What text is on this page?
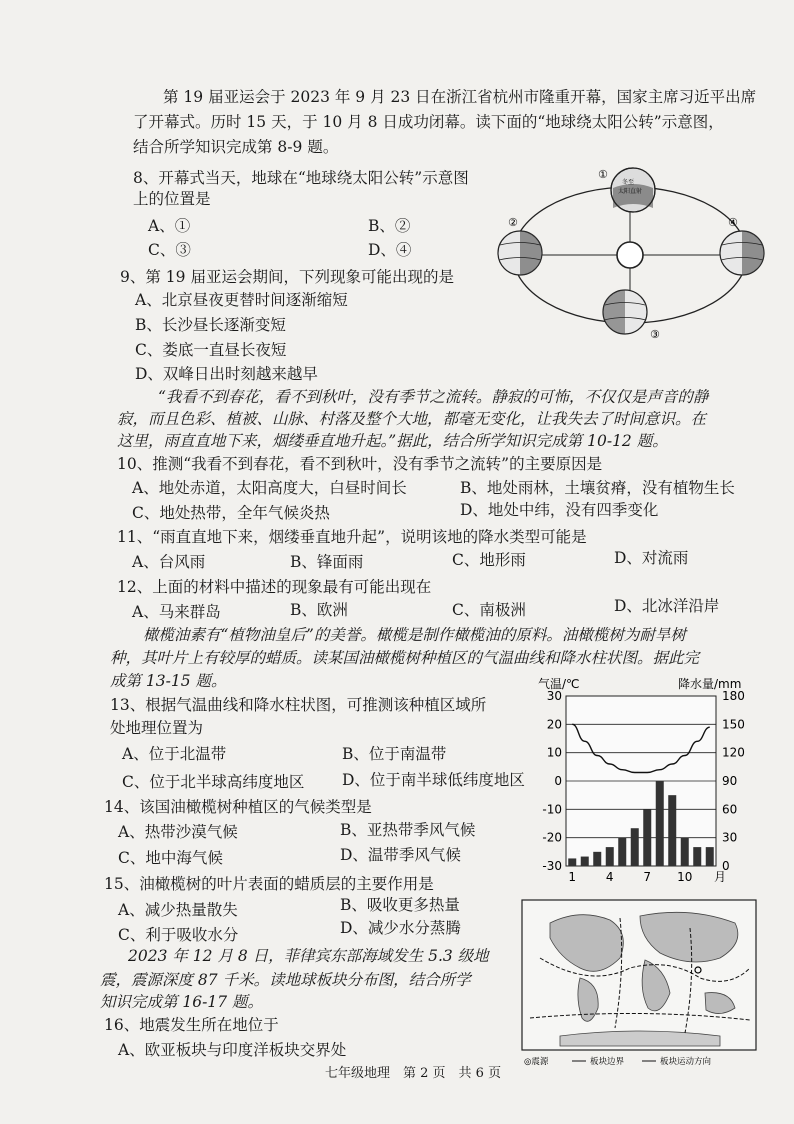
第 19 届亚运会于 2023 年 9 月 23 日在浙江省杭州市隆重开幕，国家主席习近平出席
了开幕式。历时 15 天，于 10 月 8 日成功闭幕。读下面的“地球绕太阳公转”示意图，
结合所学知识完成第 8-9 题。
8、开幕式当天，地球在“地球绕太阳公转”示意图
上的位置是
A、①	B、②
C、③	D、④
9、第 19 届亚运会期间，下列现象可能出现的是
A、北京昼夜更替时间逐渐缩短
B、长沙昼长逐渐变短
C、娄底一直昼长夜短
D、双峰日出时刻越来越早
冬至
太阳直射
①
②
③
④
“我看不到春花，看不到秋叶，没有季节之流转。静寂的可怖，不仅仅是声音的静
寂，而且色彩、植被、山脉、村落及整个大地，都毫无变化，让我失去了时间意识。在
这里，雨直直地下来，烟缕垂直地升起。”据此，结合所学知识完成第 10-12 题。
10、推测“我看不到春花，看不到秋叶，没有季节之流转”的主要原因是
A、地处赤道，太阳高度大，白昼时间长	B、地处雨林，土壤贫瘠，没有植物生长
C、地处热带，全年气候炎热	D、地处中纬，没有四季变化
11、“雨直直地下来，烟缕垂直地升起”，说明该地的降水类型可能是
A、台风雨	B、锋面雨	C、地形雨	D、对流雨
12、上面的材料中描述的现象最有可能出现在
A、马来群岛	B、欧洲	C、南极洲	D、北冰洋沿岸
橄榄油素有“植物油皇后”的美誉。橄榄是制作橄榄油的原料。油橄榄树为耐旱树
种，其叶片上有较厚的蜡质。读某国油橄榄树种植区的气温曲线和降水柱状图。据此完
成第 13-15 题。
13、根据气温曲线和降水柱状图，可推测该种植区域所
处地理位置为
A、位于北温带	B、位于南温带
C、位于北半球高纬度地区 D、位于南半球低纬度地区
14、该国油橄榄树种植区的气候类型是
A、热带沙漠气候	B、亚热带季风气候
C、地中海气候	D、温带季风气候
15、油橄榄树的叶片表面的蜡质层的主要作用是
A、减少热量散失	B、吸收更多热量
C、利于吸收水分	D、减少水分蒸腾
2023 年 12 月 8 日，菲律宾东部海域发生 5.3 级地
震，震源深度 87 千米。读地球板块分布图，结合所学
知识完成第 16-17 题。
16、地震发生所在地位于
A、欧亚板块与印度洋板块交界处
气温/℃	降水量/mm
30
20
10
0
-10
-20
-30
180
150
120
90
60
30
0
1 4 7 10 月
◎震源	板块边界	板块运动方向
七年级地理　第 2 页　共 6 页
